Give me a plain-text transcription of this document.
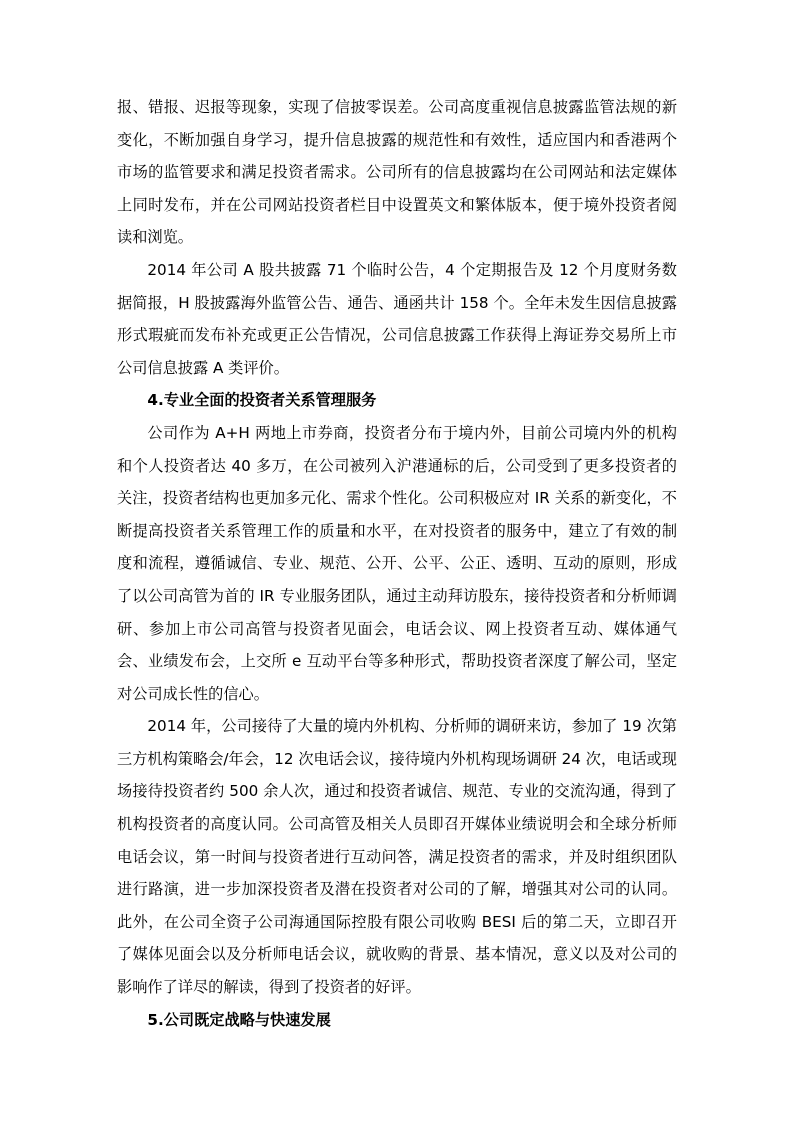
报、错报、迟报等现象，实现了信披零误差。公司高度重视信息披露监管法规的新变化，不断加强自身学习，提升信息披露的规范性和有效性，适应国内和香港两个市场的监管要求和满足投资者需求。公司所有的信息披露均在公司网站和法定媒体上同时发布，并在公司网站投资者栏目中设置英文和繁体版本，便于境外投资者阅读和浏览。

2014 年公司 A 股共披露 71 个临时公告，4 个定期报告及 12 个月度财务数据简报，H 股披露海外监管公告、通告、通函共计 158 个。全年未发生因信息披露形式瑕疵而发布补充或更正公告情况，公司信息披露工作获得上海证券交易所上市公司信息披露 A 类评价。

4.专业全面的投资者关系管理服务

公司作为 A+H 两地上市券商，投资者分布于境内外，目前公司境内外的机构和个人投资者达 40 多万，在公司被列入沪港通标的后，公司受到了更多投资者的关注，投资者结构也更加多元化、需求个性化。公司积极应对 IR 关系的新变化，不断提高投资者关系管理工作的质量和水平，在对投资者的服务中，建立了有效的制度和流程，遵循诚信、专业、规范、公开、公平、公正、透明、互动的原则，形成了以公司高管为首的 IR 专业服务团队，通过主动拜访股东，接待投资者和分析师调研、参加上市公司高管与投资者见面会，电话会议、网上投资者互动、媒体通气会、业绩发布会，上交所 e 互动平台等多种形式，帮助投资者深度了解公司，坚定对公司成长性的信心。

2014 年，公司接待了大量的境内外机构、分析师的调研来访，参加了 19 次第三方机构策略会/年会，12 次电话会议，接待境内外机构现场调研 24 次，电话或现场接待投资者约 500 余人次，通过和投资者诚信、规范、专业的交流沟通，得到了机构投资者的高度认同。公司高管及相关人员即召开媒体业绩说明会和全球分析师电话会议，第一时间与投资者进行互动问答，满足投资者的需求，并及时组织团队进行路演，进一步加深投资者及潜在投资者对公司的了解，增强其对公司的认同。此外，在公司全资子公司海通国际控股有限公司收购 BESI 后的第二天，立即召开了媒体见面会以及分析师电话会议，就收购的背景、基本情况，意义以及对公司的影响作了详尽的解读，得到了投资者的好评。

5.公司既定战略与快速发展
